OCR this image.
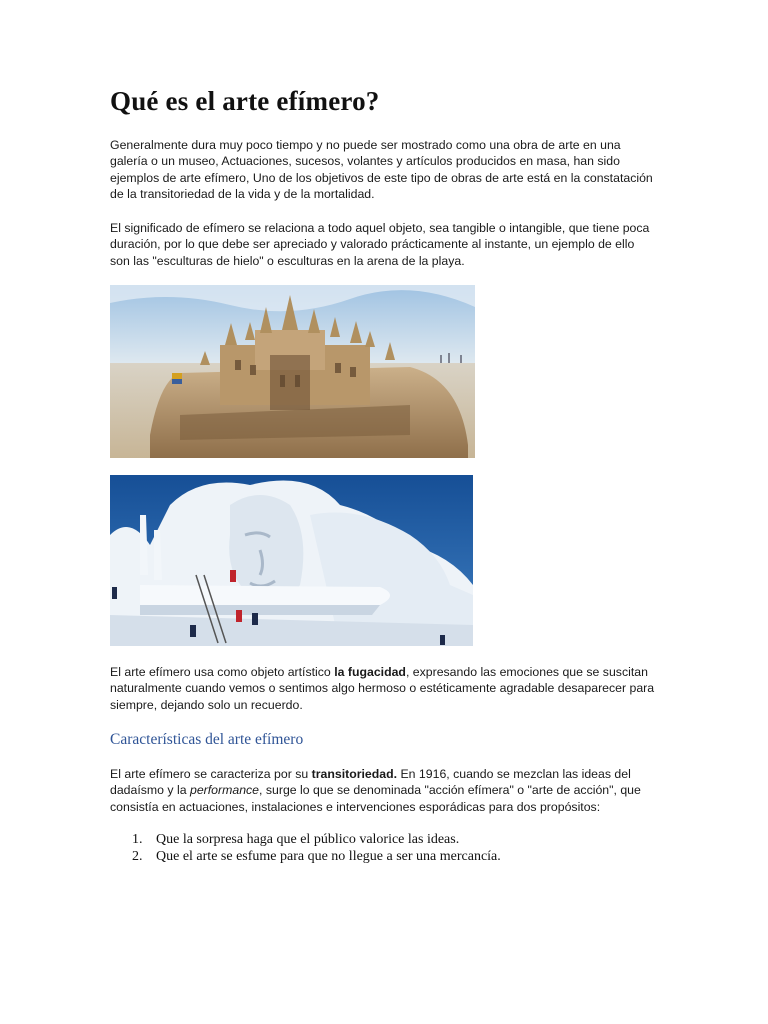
Qué es el arte efímero?

Generalmente dura muy poco tiempo y no puede ser mostrado como una obra de arte en una galería o un museo, Actuaciones, sucesos, volantes y artículos producidos en masa, han sido ejemplos de arte efímero, Uno de los objetivos de este tipo de obras de arte está en la constatación de la transitoriedad de la vida y de la mortalidad.

El significado de efímero se relaciona a todo aquel objeto, sea tangible o intangible, que tiene poca duración, por lo que debe ser apreciado y valorado prácticamente al instante, un ejemplo de ello son las "esculturas de hielo" o esculturas en la arena de la playa.

El arte efímero usa como objeto artístico la fugacidad, expresando las emociones que se suscitan naturalmente cuando vemos o sentimos algo hermoso o estéticamente agradable desaparecer para siempre, dejando solo un recuerdo.

Características del arte efímero

El arte efímero se caracteriza por su transitoriedad. En 1916, cuando se mezclan las ideas del dadaísmo y la performance, surge lo que se denominada "acción efímera" o "arte de acción", que consistía en actuaciones, instalaciones e intervenciones esporádicas para dos propósitos:

1. Que la sorpresa haga que el público valorice las ideas.
2. Que el arte se esfume para que no llegue a ser una mercancía.
